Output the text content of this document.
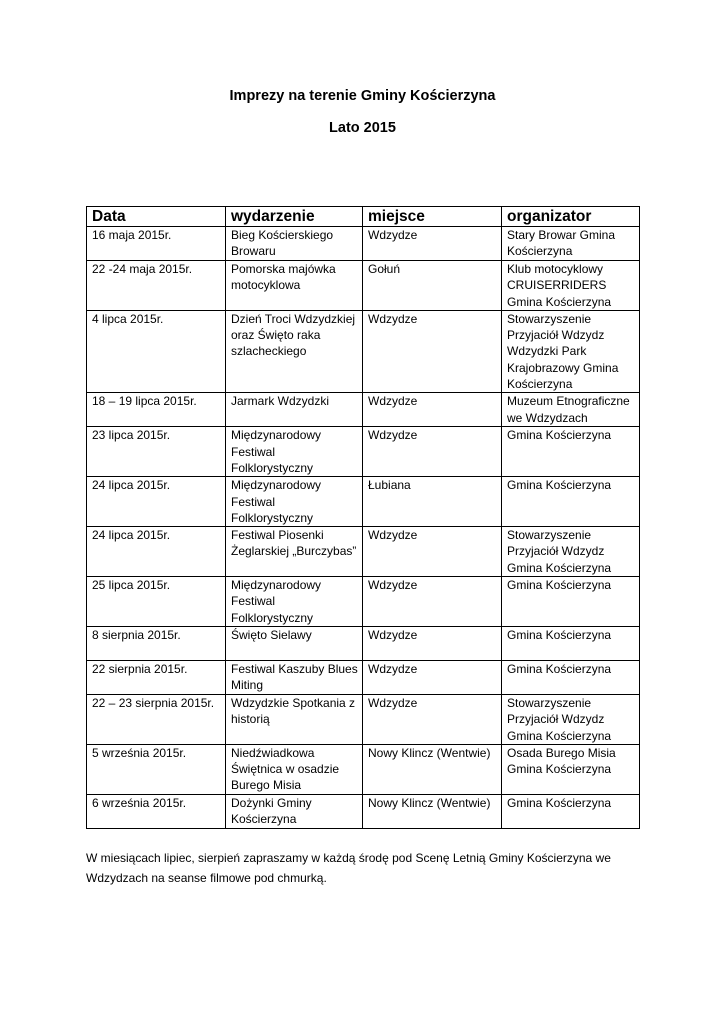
Imprezy na terenie Gminy Kościerzyna
Lato 2015
Data	wydarzenie	miejsce	organizator
16 maja 2015r.	Bieg Kościerskiego Browaru	Wdzydze	Stary Browar Gmina Kościerzyna
22 -24 maja 2015r.	Pomorska majówka motocyklowa	Gołuń	Klub motocyklowy CRUISERRIDERS Gmina Kościerzyna
4 lipca 2015r.	Dzień Troci Wdzydzkiej oraz Święto raka szlacheckiego	Wdzydze	Stowarzyszenie Przyjaciół Wdzydz Wdzydzki Park Krajobrazowy Gmina Kościerzyna
18 – 19 lipca 2015r.	Jarmark Wdzydzki	Wdzydze	Muzeum Etnograficzne we Wdzydzach
23 lipca 2015r.	Międzynarodowy Festiwal Folklorystyczny	Wdzydze	Gmina Kościerzyna
24 lipca 2015r.	Międzynarodowy Festiwal Folklorystyczny	Łubiana	Gmina Kościerzyna
24 lipca 2015r.	Festiwal Piosenki Żeglarskiej „Burczybas”	Wdzydze	Stowarzyszenie Przyjaciół Wdzydz Gmina Kościerzyna
25 lipca 2015r.	Międzynarodowy Festiwal Folklorystyczny	Wdzydze	Gmina Kościerzyna
8 sierpnia 2015r.	Święto Sielawy	Wdzydze	Gmina Kościerzyna
22 sierpnia 2015r.	Festiwal Kaszuby Blues Miting	Wdzydze	Gmina Kościerzyna
22 – 23 sierpnia 2015r.	Wdzydzkie Spotkania z historią	Wdzydze	Stowarzyszenie Przyjaciół Wdzydz Gmina Kościerzyna
5 września 2015r.	Niedźwiadkowa Świętnica w osadzie Burego Misia	Nowy Klincz (Wentwie)	Osada Burego Misia Gmina Kościerzyna
6 września 2015r.	Dożynki Gminy Kościerzyna	Nowy Klincz (Wentwie)	Gmina Kościerzyna

W miesiącach lipiec, sierpień zapraszamy w każdą środę pod Scenę Letnią Gminy Kościerzyna we Wdzydzach na seanse filmowe pod chmurką.
